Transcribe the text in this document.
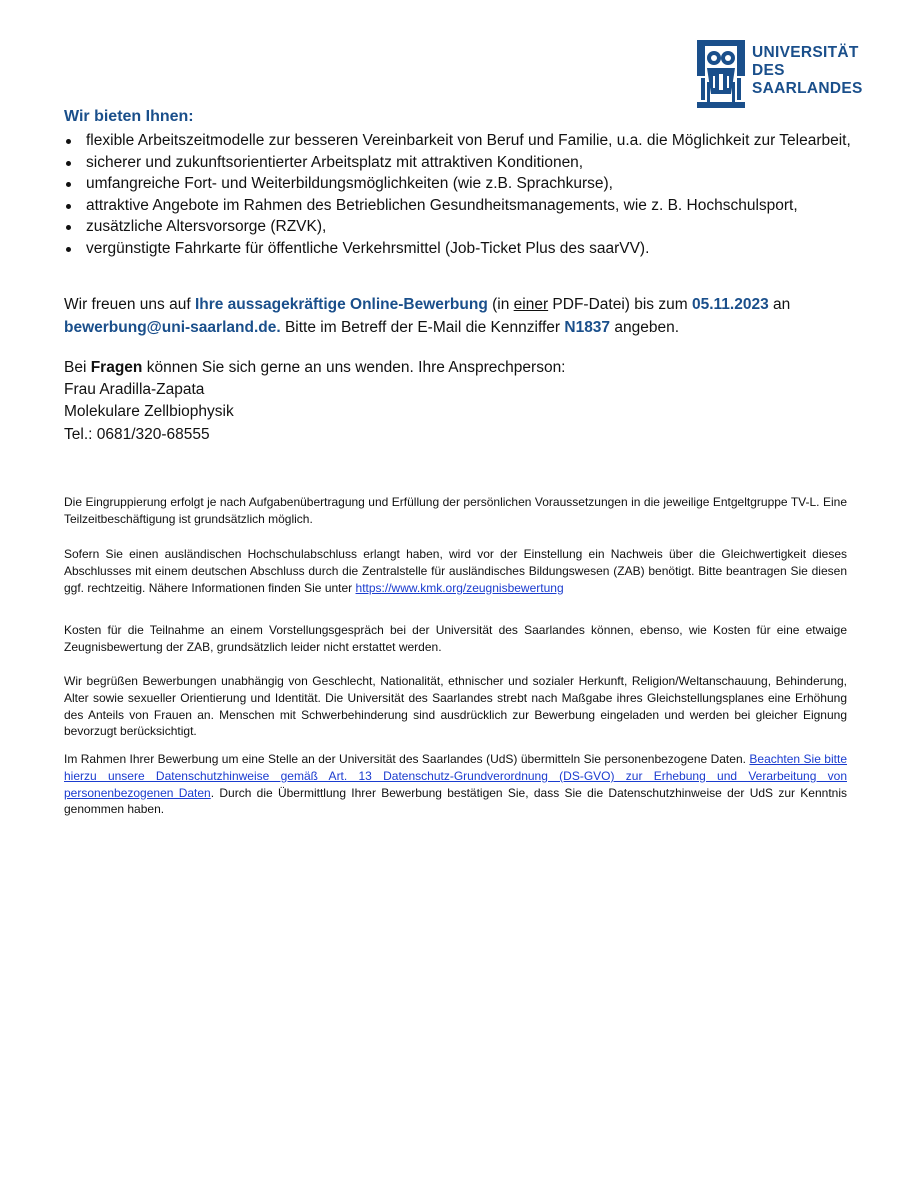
UNIVERSITÄT
DES
SAARLANDES
Wir bieten Ihnen:
flexible Arbeitszeitmodelle zur besseren Vereinbarkeit von Beruf und Familie, u.a. die Möglichkeit zur Telearbeit,
sicherer und zukunftsorientierter Arbeitsplatz mit attraktiven Konditionen,
umfangreiche Fort- und Weiterbildungsmöglichkeiten (wie z.B. Sprachkurse),
attraktive Angebote im Rahmen des Betrieblichen Gesundheitsmanagements, wie z. B. Hochschulsport,
zusätzliche Altersvorsorge (RZVK),
vergünstigte Fahrkarte für öffentliche Verkehrsmittel (Job-Ticket Plus des saarVV).
Wir freuen uns auf Ihre aussagekräftige Online-Bewerbung (in einer PDF-Datei) bis zum 05.11.2023 an
bewerbung@uni-saarland.de. Bitte im Betreff der E-Mail die Kennziffer N1837 angeben.
Bei Fragen können Sie sich gerne an uns wenden. Ihre Ansprechperson:
Frau Aradilla-Zapata
Molekulare Zellbiophysik
Tel.: 0681/320-68555

Die Eingruppierung erfolgt je nach Aufgabenübertragung und Erfüllung der persönlichen Voraussetzungen in die jeweilige Entgeltgruppe TV-L. Eine Teilzeitbeschäftigung ist grundsätzlich möglich.

Sofern Sie einen ausländischen Hochschulabschluss erlangt haben, wird vor der Einstellung ein Nachweis über die Gleichwertigkeit dieses Abschlusses mit einem deutschen Abschluss durch die Zentralstelle für ausländisches Bildungswesen (ZAB) benötigt. Bitte beantragen Sie diesen ggf. rechtzeitig. Nähere Informationen finden Sie unter https://www.kmk.org/zeugnisbewertung

Kosten für die Teilnahme an einem Vorstellungsgespräch bei der Universität des Saarlandes können, ebenso, wie Kosten für eine etwaige Zeugnisbewertung der ZAB, grundsätzlich leider nicht erstattet werden.

Wir begrüßen Bewerbungen unabhängig von Geschlecht, Nationalität, ethnischer und sozialer Herkunft, Religion/Weltanschauung, Behinderung, Alter sowie sexueller Orientierung und Identität. Die Universität des Saarlandes strebt nach Maßgabe ihres Gleichstellungsplanes eine Erhöhung des Anteils von Frauen an. Menschen mit Schwerbehinderung sind ausdrücklich zur Bewerbung eingeladen und werden bei gleicher Eignung bevorzugt berücksichtigt.

Im Rahmen Ihrer Bewerbung um eine Stelle an der Universität des Saarlandes (UdS) übermitteln Sie personenbezogene Daten. Beachten Sie bitte hierzu unsere Datenschutzhinweise gemäß Art. 13 Datenschutz-Grundverordnung (DS-GVO) zur Erhebung und Verarbeitung von personenbezogenen Daten. Durch die Übermittlung Ihrer Bewerbung bestätigen Sie, dass Sie die Datenschutzhinweise der UdS zur Kenntnis genommen haben.
